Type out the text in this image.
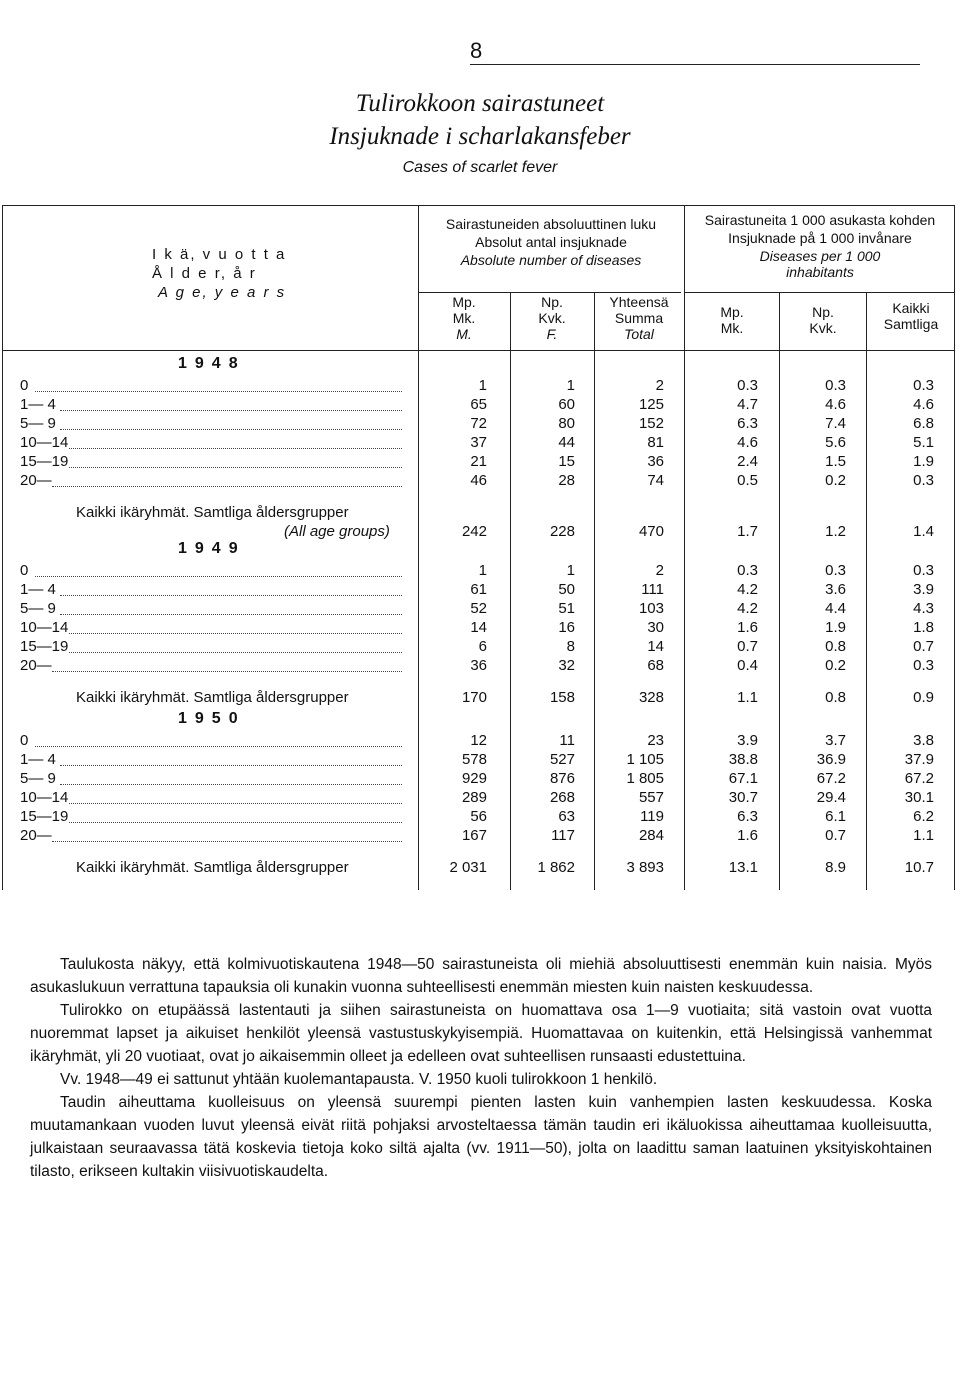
8
Tulirokkoon sairastuneet
Insjuknade i scharlakansfeber
Cases of scarlet fever
I k ä, v u o t t a
Å l d e r, å r
A g e, y e a r s
Sairastuneiden absoluuttinen luku
Absolut antal insjuknade
Absolute number of diseases
Sairastuneita 1 000 asukasta kohden
Insjuknade på 1 000 invånare
Diseases per 1 000
inhabitants
Mp.
Mk.
M.
Np.
Kvk.
F.
Yhteensä
Summa
Total
Mp.
Mk.
Np.
Kvk.
Kaikki
Samtliga
1948
0	1	1	2	0.3	0.3	0.3
1— 4	65	60	125	4.7	4.6	4.6
5— 9	72	80	152	6.3	7.4	6.8
10—14	37	44	81	4.6	5.6	5.1
15—19	21	15	36	2.4	1.5	1.9
20—	46	28	74	0.5	0.2	0.3
Kaikki ikäryhmät. Samtliga åldersgrupper
(All age groups)	242	228	470	1.7	1.2	1.4
1949
0	1	1	2	0.3	0.3	0.3
1— 4	61	50	111	4.2	3.6	3.9
5— 9	52	51	103	4.2	4.4	4.3
10—14	14	16	30	1.6	1.9	1.8
15—19	6	8	14	0.7	0.8	0.7
20—	36	32	68	0.4	0.2	0.3
Kaikki ikäryhmät. Samtliga åldersgrupper	170	158	328	1.1	0.8	0.9
1950
0	12	11	23	3.9	3.7	3.8
1— 4	578	527	1 105	38.8	36.9	37.9
5— 9	929	876	1 805	67.1	67.2	67.2
10—14	289	268	557	30.7	29.4	30.1
15—19	56	63	119	6.3	6.1	6.2
20—	167	117	284	1.6	0.7	1.1
Kaikki ikäryhmät. Samtliga åldersgrupper	2 031	1 862	3 893	13.1	8.9	10.7

Taulukosta näkyy, että kolmivuotiskautena 1948—50 sairastuneista oli miehiä absoluuttisesti enemmän kuin naisia. Myös asukaslukuun verrattuna tapauksia oli kunakin vuonna suhteellisesti enemmän miesten kuin naisten keskuudessa.

Tulirokko on etupäässä lastentauti ja siihen sairastuneista on huomattava osa 1—9 vuotiaita; sitä vastoin ovat vuotta nuoremmat lapset ja aikuiset henkilöt yleensä vastustuskykyisempiä. Huomattavaa on kuitenkin, että Helsingissä vanhemmat ikäryhmät, yli 20 vuotiaat, ovat jo aikaisemmin olleet ja edelleen ovat suhteellisen runsaasti edustettuina.

Vv. 1948—49 ei sattunut yhtään kuolemantapausta. V. 1950 kuoli tulirokkoon 1 henkilö.

Taudin aiheuttama kuolleisuus on yleensä suurempi pienten lasten kuin vanhempien lasten keskuudessa. Koska muutamankaan vuoden luvut yleensä eivät riitä pohjaksi arvosteltaessa tämän taudin eri ikäluokissa aiheuttamaa kuolleisuutta, julkaistaan seuraavassa tätä koskevia tietoja koko siltä ajalta (vv. 1911—50), jolta on laadittu saman laatuinen yksityiskohtainen tilasto, erikseen kultakin viisivuotiskaudelta.
